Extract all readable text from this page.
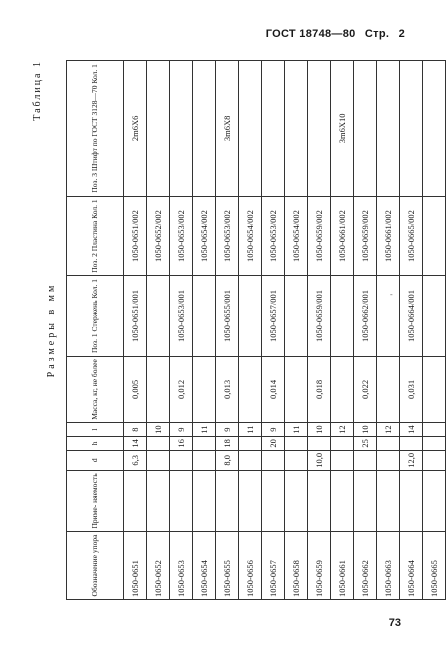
ГОСТ 18748—80 Стр. 2
Таблица 1
Размеры в мм
Обозначение упора	Приме- няемость	d	h	l	Масса, кг, не более	Поз. 1 Стержень Кол. 1	Поз. 2 Пластина Кол. 1	Поз. 3 Штифт по ГОСТ 3128—70 Кол. 1
1050-0651		6,3	14	8	0,005	1050-0651/001	1050-0651/002	2m6X6
1050-0652				10			1050-0652/002	
1050-0653			16	9	0,012	1050-0653/001	1050-0653/002	
1050-0654				11			1050-0654/002	
1050-0655		8,0	18	9	0,013	1050-0655/001	1050-0653/002	3m6X8
1050-0656				11			1050-0654/002	
1050-0657			20	9	0,014	1050-0657/001	1050-0653/002	
1050-0658				11			1050-0654/002	
1050-0659		10,0		10	0,018	1050-0659/001	1050-0659/002	
1050-0661				12			1050-0661/002	3m6X10
1050-0662			25	10	0,022	1050-0662/001	1050-0659/002	
1050-0663				12			1050-0661/002	
1050-0664		12,0		14	0,031	1050-0664/001	1050-0665/002	
1050-0665								
-
73
